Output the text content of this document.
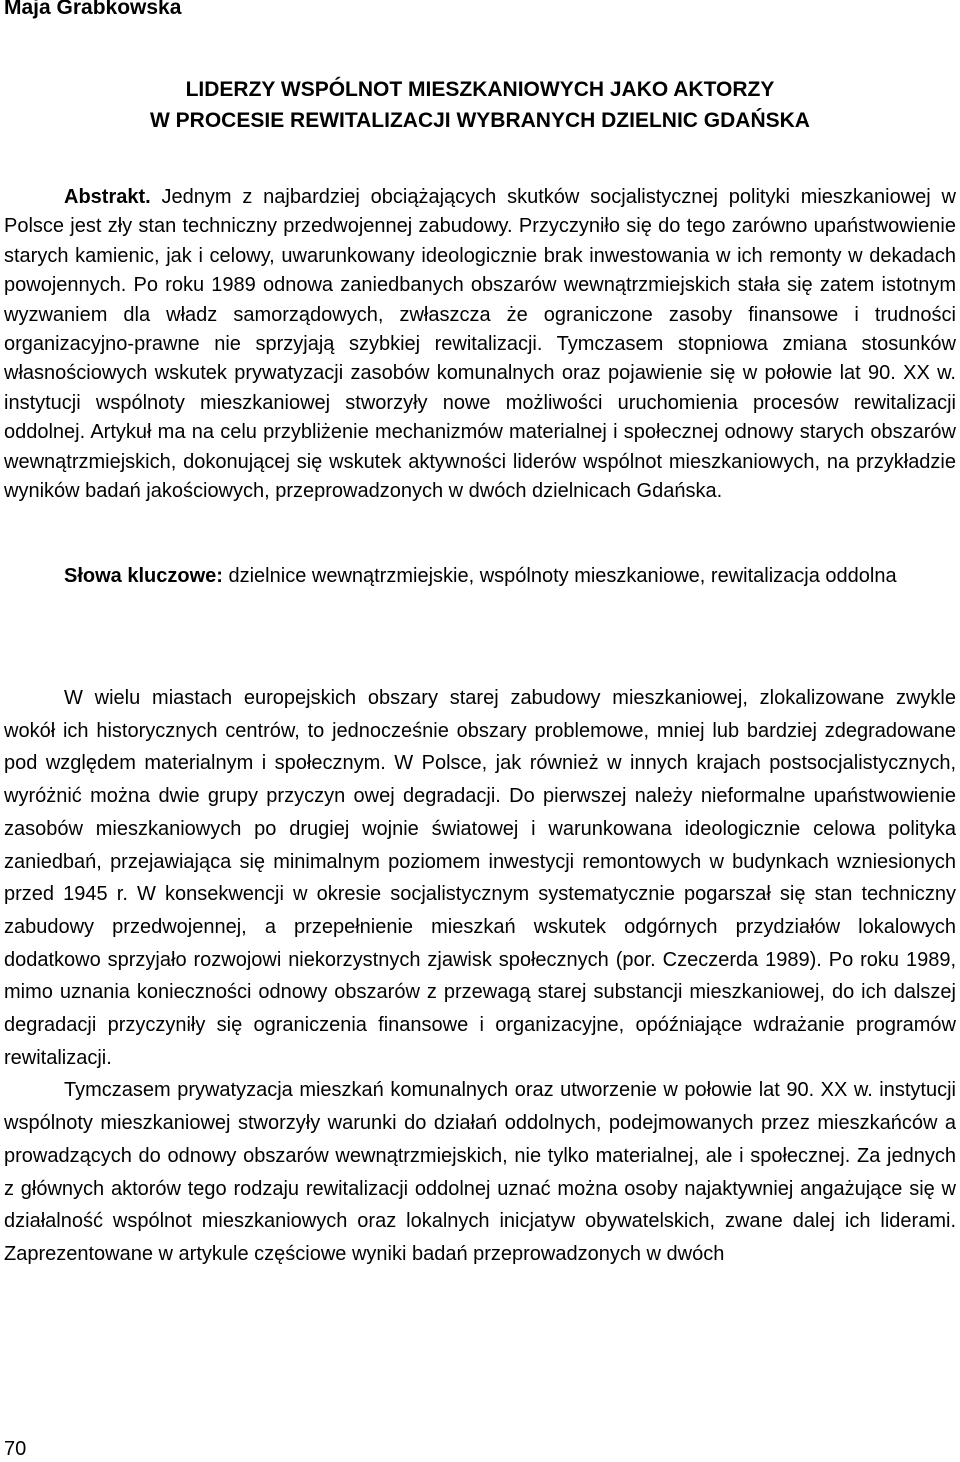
Maja Grabkowska

LIDERZY WSPÓLNOT MIESZKANIOWYCH JAKO AKTORZY
W PROCESIE REWITALIZACJI WYBRANYCH DZIELNIC GDAŃSKA

Abstrakt. Jednym z najbardziej obciążających skutków socjalistycznej polityki mieszkaniowej w Polsce jest zły stan techniczny przedwojennej zabudowy. Przyczyniło się do tego zarówno upaństwowienie starych kamienic, jak i celowy, uwarunkowany ideologicznie brak inwestowania w ich remonty w dekadach powojennych. Po roku 1989 odnowa zaniedbanych obszarów wewnątrzmiejskich stała się zatem istotnym wyzwaniem dla władz samorządowych, zwłaszcza że ograniczone zasoby finansowe i trudności organizacyjno-prawne nie sprzyjają szybkiej rewitalizacji. Tymczasem stopniowa zmiana stosunków własnościowych wskutek prywatyzacji zasobów komunalnych oraz pojawienie się w połowie lat 90. XX w. instytucji wspólnoty mieszkaniowej stworzyły nowe możliwości uruchomienia procesów rewitalizacji oddolnej. Artykuł ma na celu przybliżenie mechanizmów materialnej i społecznej odnowy starych obszarów wewnątrzmiejskich, dokonującej się wskutek aktywności liderów wspólnot mieszkaniowych, na przykładzie wyników badań jakościowych, przeprowadzonych w dwóch dzielnicach Gdańska.

Słowa kluczowe: dzielnice wewnątrzmiejskie, wspólnoty mieszkaniowe, rewitalizacja oddolna

W wielu miastach europejskich obszary starej zabudowy mieszkaniowej, zlokalizowane zwykle wokół ich historycznych centrów, to jednocześnie obszary problemowe, mniej lub bardziej zdegradowane pod względem materialnym i społecznym. W Polsce, jak również w innych krajach postsocjalistycznych, wyróżnić można dwie grupy przyczyn owej degradacji. Do pierwszej należy nieformalne upaństwowienie zasobów mieszkaniowych po drugiej wojnie światowej i warunkowana ideologicznie celowa polityka zaniedbań, przejawiająca się minimalnym poziomem inwestycji remontowych w budynkach wzniesionych przed 1945 r. W konsekwencji w okresie socjalistycznym systematycznie pogarszał się stan techniczny zabudowy przedwojennej, a przepełnienie mieszkań wskutek odgórnych przydziałów lokalowych dodatkowo sprzyjało rozwojowi niekorzystnych zjawisk społecznych (por. Czeczerda 1989). Po roku 1989, mimo uznania konieczności odnowy obszarów z przewagą starej substancji mieszkaniowej, do ich dalszej degradacji przyczyniły się ograniczenia finansowe i organizacyjne, opóźniające wdrażanie programów rewitalizacji.

Tymczasem prywatyzacja mieszkań komunalnych oraz utworzenie w połowie lat 90. XX w. instytucji wspólnoty mieszkaniowej stworzyły warunki do działań oddolnych, podejmowanych przez mieszkańców a prowadzących do odnowy obszarów wewnątrzmiejskich, nie tylko materialnej, ale i społecznej. Za jednych z głównych aktorów tego rodzaju rewitalizacji oddolnej uznać można osoby najaktywniej angażujące się w działalność wspólnot mieszkaniowych oraz lokalnych inicjatyw obywatelskich, zwane dalej ich liderami. Zaprezentowane w artykule częściowe wyniki badań przeprowadzonych w dwóch

70
